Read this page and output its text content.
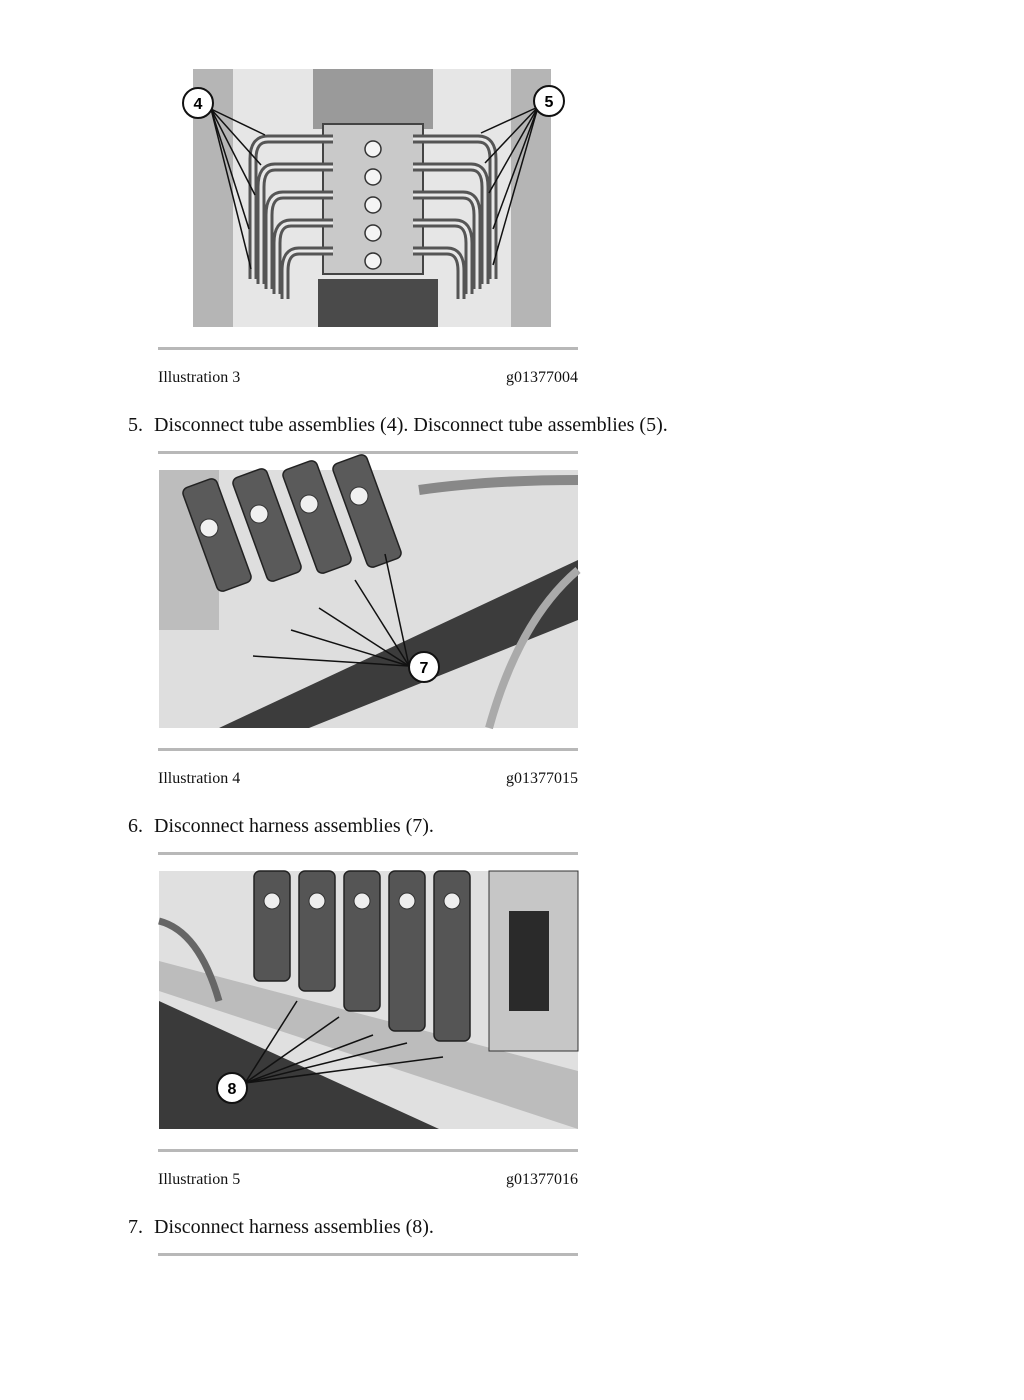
4	5
Illustration 3	g01377004
5. Disconnect tube assemblies (4). Disconnect tube assemblies (5).
7
Illustration 4	g01377015
6. Disconnect harness assemblies (7).
8
Illustration 5	g01377016
7. Disconnect harness assemblies (8).
